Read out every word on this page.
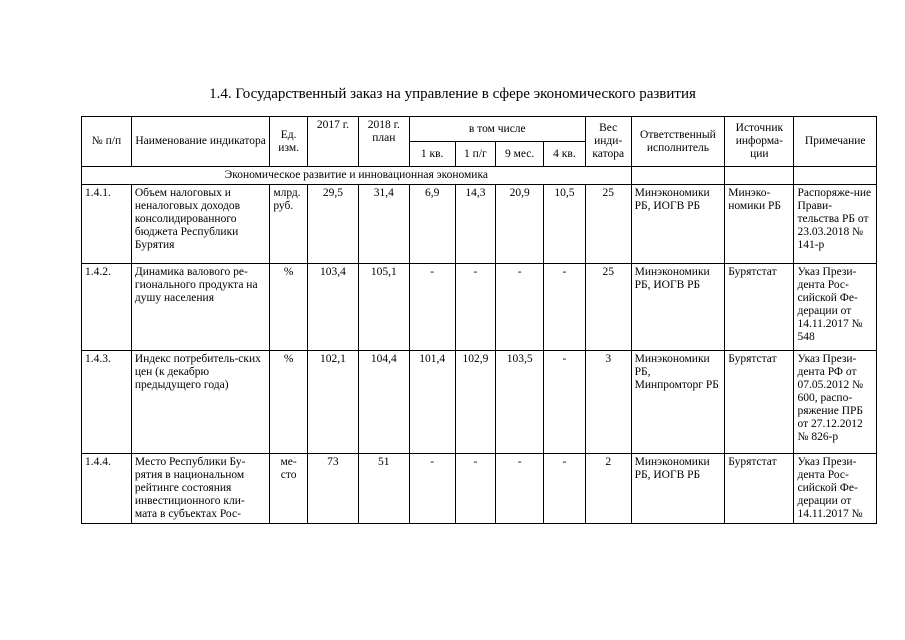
1.4. Государственный заказ на управление в сфере экономического развития
№ п/п	Наименование индикатора	Ед. изм.	2017 г.	2018 г. план	в том числе				Вес инди-катора	Ответственный исполнитель	Источник информа-ции	Примечание
					1 кв.	1 п/г	9 мес.	4 кв.				
Экономическое развитие и инновационная экономика												
1.4.1.	Объем налоговых и неналоговых доходов консолидированного бюджета Республики Бурятия	млрд. руб.	29,5	31,4	6,9	14,3	20,9	10,5	25	Минэкономики РБ, ИОГВ РБ	Минэко-номики РБ	Распоряже-ние Прави-тельства РБ от 23.03.2018 № 141-р
1.4.2.	Динамика валового ре-гионального продукта на душу населения	%	103,4	105,1	-	-	-	-	25	Минэкономики РБ, ИОГВ РБ	Бурятстат	Указ Прези-дента Рос-сийской Фе-дерации от 14.11.2017 № 548
1.4.3.	Индекс потребитель-ских цен (к декабрю предыдущего года)	%	102,1	104,4	101,4	102,9	103,5	-	3	Минэкономики РБ, Минпромторг РБ	Бурятстат	Указ Прези-дента РФ от 07.05.2012 № 600, распо-ряжение ПРБ от 27.12.2012 № 826-р
1.4.4.	Место Республики Бу-рятия в национальном рейтинге состояния инвестиционного кли-мата в субъектах Рос-	ме-сто	73	51	-	-	-	-	2	Минэкономики РБ, ИОГВ РБ	Бурятстат	Указ Прези-дента Рос-сийской Фе-дерации от 14.11.2017 №
